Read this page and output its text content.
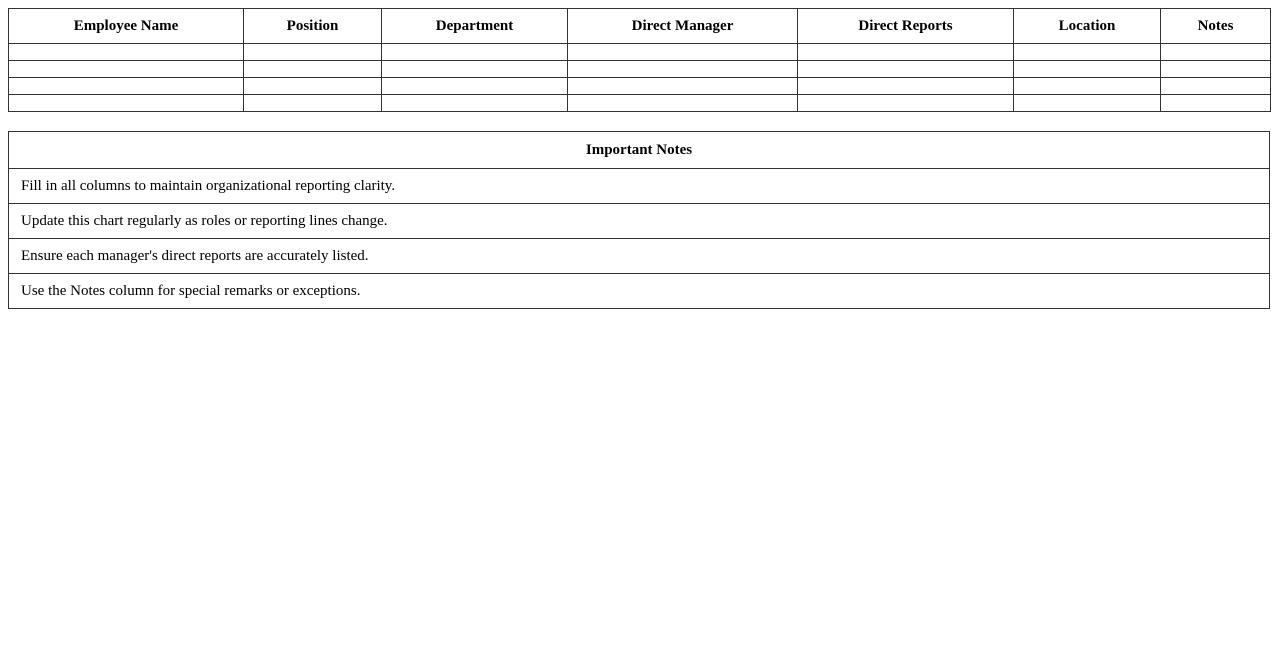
Employee Name	Position	Department	Direct Manager	Direct Reports	Location	Notes

Important Notes
Fill in all columns to maintain organizational reporting clarity.
Update this chart regularly as roles or reporting lines change.
Ensure each manager's direct reports are accurately listed.
Use the Notes column for special remarks or exceptions.
